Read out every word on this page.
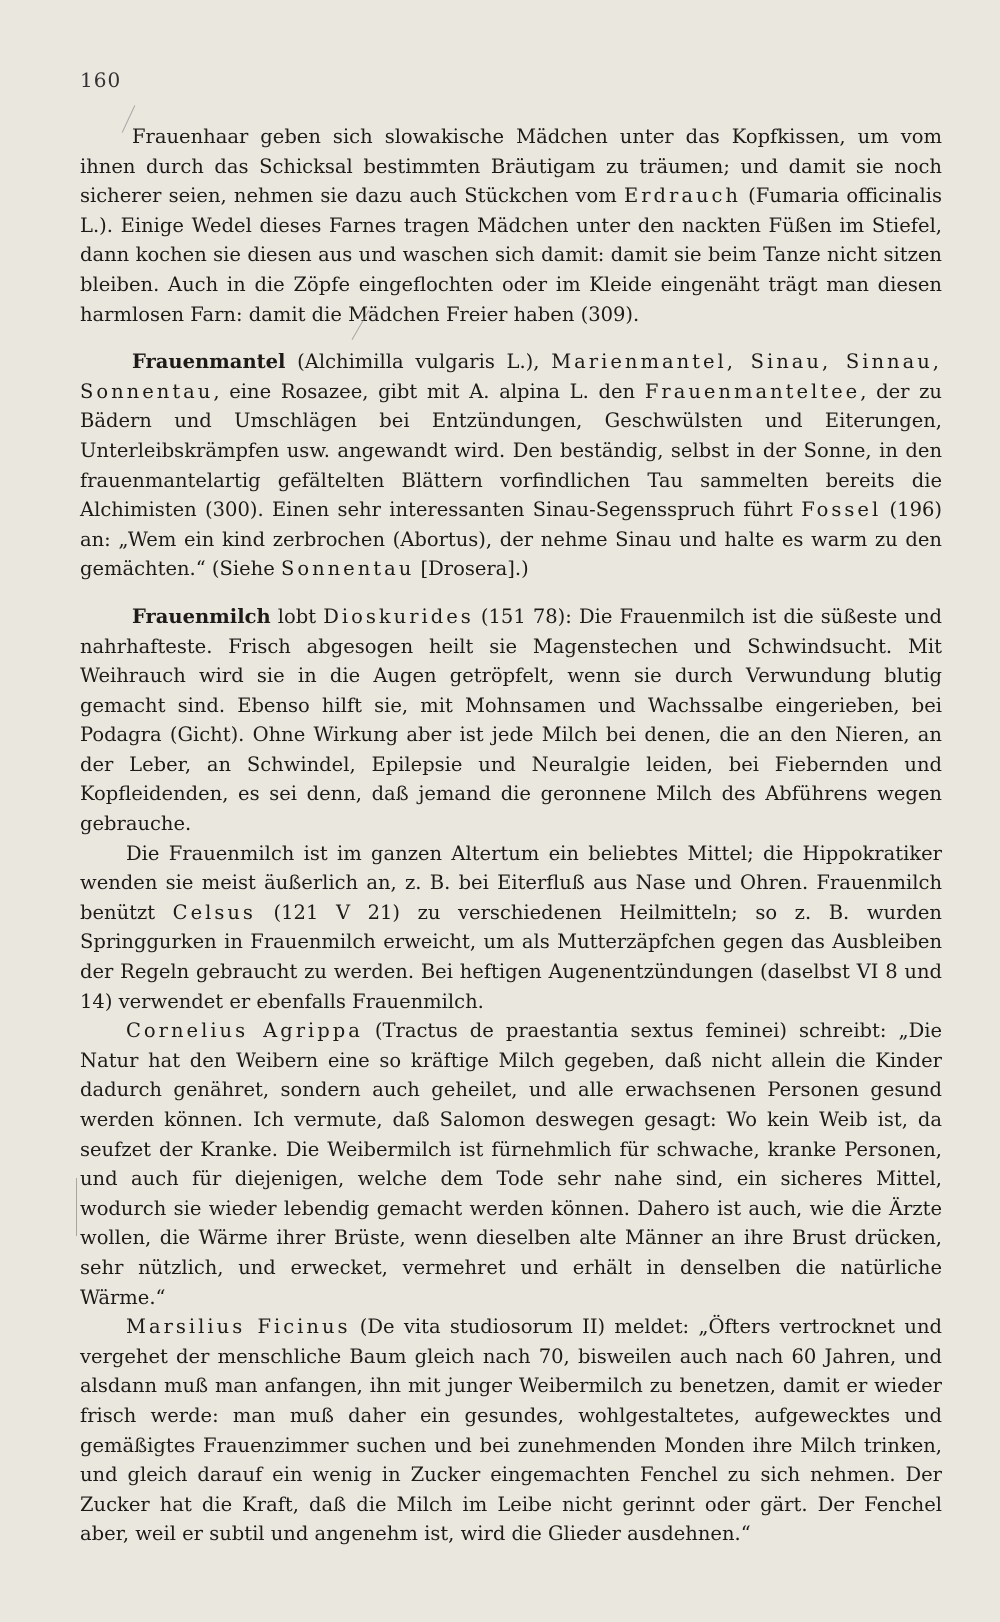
160

Frauenhaar geben sich slowakische Mädchen unter das Kopfkissen, um vom ihnen durch das Schicksal bestimmten Bräutigam zu träumen; und damit sie noch sicherer seien, nehmen sie dazu auch Stückchen vom Erdrauch (Fumaria officinalis L.). Einige Wedel dieses Farnes tragen Mädchen unter den nackten Füßen im Stiefel, dann kochen sie diesen aus und waschen sich damit: damit sie beim Tanze nicht sitzen bleiben. Auch in die Zöpfe eingeflochten oder im Kleide eingenäht trägt man diesen harmlosen Farn: damit die Mädchen Freier haben (309).

Frauenmantel (Alchimilla vulgaris L.), Marienmantel, Sinau, Sinnau, Sonnentau, eine Rosazee, gibt mit A. alpina L. den Frauenmanteltee, der zu Bädern und Umschlägen bei Entzündungen, Geschwülsten und Eiterungen, Unterleibskrämpfen usw. angewandt wird. Den beständig, selbst in der Sonne, in den frauenmantelartig gefältelten Blättern vorfindlichen Tau sammelten bereits die Alchimisten (300). Einen sehr interessanten Sinau-Segensspruch führt Fossel (196) an: „Wem ein kind zerbrochen (Abortus), der nehme Sinau und halte es warm zu den gemächten.“ (Siehe Sonnentau [Drosera].)

Frauenmilch lobt Dioskurides (151 78): Die Frauenmilch ist die süßeste und nahrhafteste. Frisch abgesogen heilt sie Magenstechen und Schwindsucht. Mit Weihrauch wird sie in die Augen getröpfelt, wenn sie durch Verwundung blutig gemacht sind. Ebenso hilft sie, mit Mohnsamen und Wachssalbe eingerieben, bei Podagra (Gicht). Ohne Wirkung aber ist jede Milch bei denen, die an den Nieren, an der Leber, an Schwindel, Epilepsie und Neuralgie leiden, bei Fiebernden und Kopfleidenden, es sei denn, daß jemand die geronnene Milch des Abführens wegen gebrauche.

Die Frauenmilch ist im ganzen Altertum ein beliebtes Mittel; die Hippokratiker wenden sie meist äußerlich an, z. B. bei Eiterfluß aus Nase und Ohren. Frauenmilch benützt Celsus (121 V 21) zu verschiedenen Heilmitteln; so z. B. wurden Springgurken in Frauenmilch erweicht, um als Mutterzäpfchen gegen das Ausbleiben der Regeln gebraucht zu werden. Bei heftigen Augenentzündungen (daselbst VI 8 und 14) verwendet er ebenfalls Frauenmilch.

Cornelius Agrippa (Tractus de praestantia sextus feminei) schreibt: „Die Natur hat den Weibern eine so kräftige Milch gegeben, daß nicht allein die Kinder dadurch genähret, sondern auch geheilet, und alle erwachsenen Personen gesund werden können. Ich vermute, daß Salomon deswegen gesagt: Wo kein Weib ist, da seufzet der Kranke. Die Weibermilch ist fürnehmlich für schwache, kranke Personen, und auch für diejenigen, welche dem Tode sehr nahe sind, ein sicheres Mittel, wodurch sie wieder lebendig gemacht werden können. Dahero ist auch, wie die Ärzte wollen, die Wärme ihrer Brüste, wenn dieselben alte Männer an ihre Brust drücken, sehr nützlich, und erwecket, vermehret und erhält in denselben die natürliche Wärme.“

Marsilius Ficinus (De vita studiosorum II) meldet: „Öfters vertrocknet und vergehet der menschliche Baum gleich nach 70, bisweilen auch nach 60 Jahren, und alsdann muß man anfangen, ihn mit junger Weibermilch zu benetzen, damit er wieder frisch werde: man muß daher ein gesundes, wohlgestaltetes, aufgewecktes und gemäßigtes Frauenzimmer suchen und bei zunehmenden Monden ihre Milch trinken, und gleich darauf ein wenig in Zucker eingemachten Fenchel zu sich nehmen. Der Zucker hat die Kraft, daß die Milch im Leibe nicht gerinnt oder gärt. Der Fenchel aber, weil er subtil und angenehm ist, wird die Glieder ausdehnen.“
